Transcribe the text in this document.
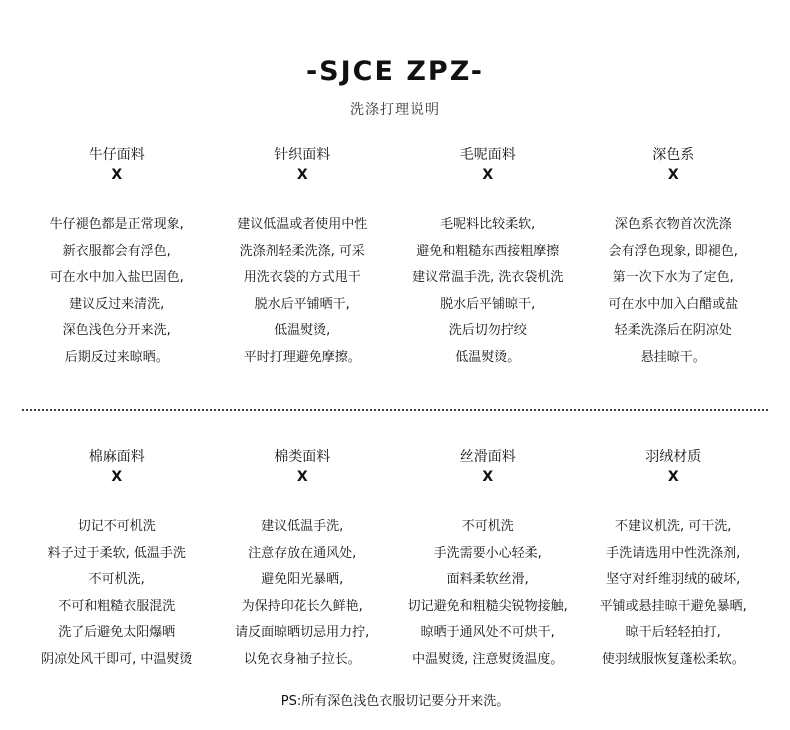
-SJCE ZPZ-
洗涤打理说明
牛仔面料
X
牛仔褪色都是正常现象,
新衣服都会有浮色,
可在水中加入盐巴固色,
建议反过来清洗,
深色浅色分开来洗,
后期反过来晾晒。
针织面料
X
建议低温或者使用中性
洗涤剂轻柔洗涤, 可采
用洗衣袋的方式甩干
脱水后平铺晒干,
低温熨烫,
平时打理避免摩擦。
毛呢面料
X
毛呢料比较柔软,
避免和粗糙东西接粗摩擦
建议常温手洗, 洗衣袋机洗
脱水后平铺晾干,
洗后切勿拧绞
低温熨烫。
深色系
X
深色系衣物首次洗涤
会有浮色现象, 即褪色,
第一次下水为了定色,
可在水中加入白醋或盐
轻柔洗涤后在阴凉处
悬挂晾干。
棉麻面料
X
切记不可机洗
料子过于柔软, 低温手洗
不可机洗,
不可和粗糙衣服混洗
洗了后避免太阳爆晒
阴凉处风干即可, 中温熨烫
棉类面料
X
建议低温手洗,
注意存放在通风处,
避免阳光暴晒,
为保持印花长久鲜艳,
请反面晾晒切忌用力拧,
以免衣身袖子拉长。
丝滑面料
X
不可机洗
手洗需要小心轻柔,
面料柔软丝滑,
切记避免和粗糙尖锐物接触,
晾晒于通风处不可烘干,
中温熨烫, 注意熨烫温度。
羽绒材质
X
不建议机洗, 可干洗,
手洗请选用中性洗涤剂,
坚守对纤维羽绒的破坏,
平铺或悬挂晾干避免暴晒,
晾干后轻轻拍打,
使羽绒服恢复蓬松柔软。
PS:所有深色浅色衣服切记要分开来洗。
